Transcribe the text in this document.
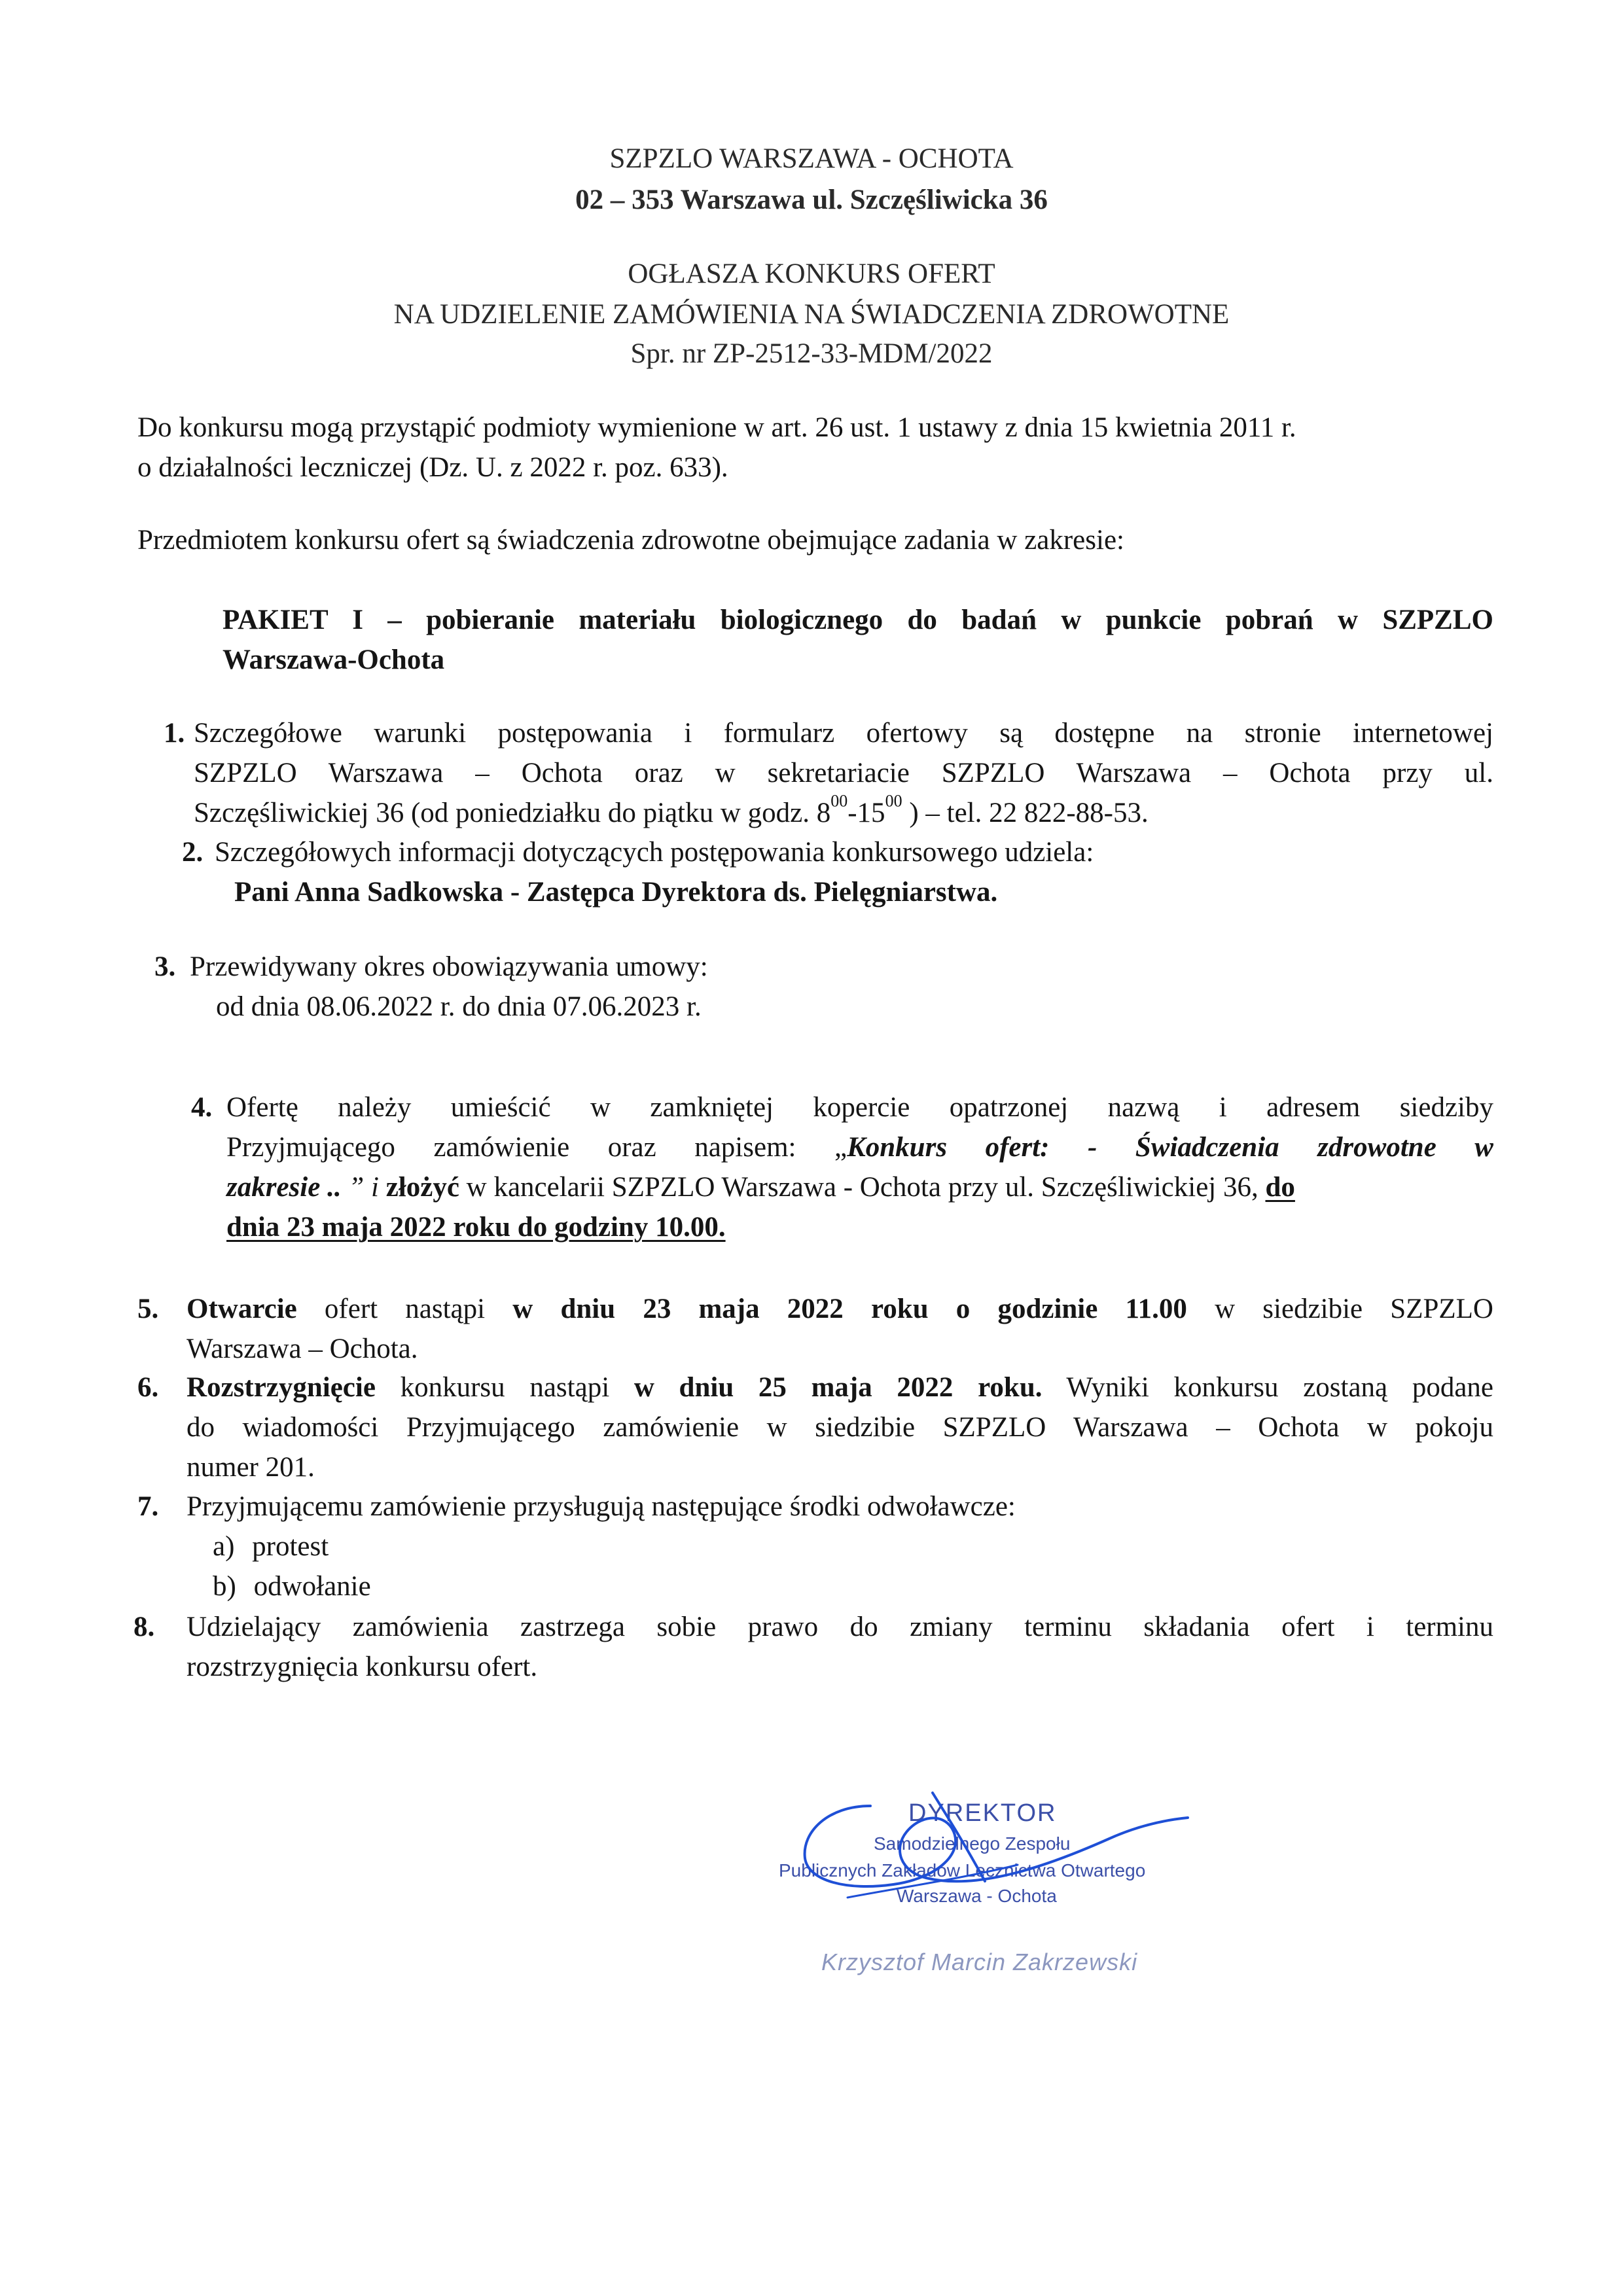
SZPZLO WARSZAWA - OCHOTA
02 – 353 Warszawa ul. Szczęśliwicka 36
OGŁASZA KONKURS OFERT
NA UDZIELENIE ZAMÓWIENIA NA ŚWIADCZENIA ZDROWOTNE
Spr. nr ZP-2512-33-MDM/2022
Do konkursu mogą przystąpić podmioty wymienione w art. 26 ust. 1 ustawy z dnia 15 kwietnia 2011 r.
o działalności leczniczej (Dz. U. z 2022 r. poz. 633).
Przedmiotem konkursu ofert są świadczenia zdrowotne obejmujące zadania w zakresie:
PAKIET I – pobieranie materiału biologicznego do badań w punkcie pobrań w SZPZLO
Warszawa-Ochota
1. Szczegółowe warunki postępowania i formularz ofertowy są dostępne na stronie internetowej
SZPZLO Warszawa – Ochota oraz w sekretariacie SZPZLO Warszawa – Ochota przy ul.
Szczęśliwickiej 36 (od poniedziałku do piątku w godz. $8^{00}-15^{00}$ ) – tel. 22 822-88-53.
2. Szczegółowych informacji dotyczących postępowania konkursowego udziela:
Pani Anna Sadkowska - Zastępca Dyrektora ds. Pielęgniarstwa.
3. Przewidywany okres obowiązywania umowy:
od dnia 08.06.2022 r. do dnia 07.06.2023 r.
4. Ofertę należy umieścić w zamkniętej kopercie opatrzonej nazwą i adresem siedziby
Przyjmującego zamówienie oraz napisem: „Konkurs ofert: - Świadczenia zdrowotne w
zakresie .. ” i złożyć w kancelarii SZPZLO Warszawa - Ochota przy ul. Szczęśliwickiej 36, do
dnia 23 maja 2022 roku do godziny 10.00.
5. Otwarcie ofert nastąpi w dniu 23 maja 2022 roku o godzinie 11.00 w siedzibie SZPZLO
Warszawa – Ochota.
6. Rozstrzygnięcie konkursu nastąpi w dniu 25 maja 2022 roku. Wyniki konkursu zostaną podane
do wiadomości Przyjmującego zamówienie w siedzibie SZPZLO Warszawa – Ochota w pokoju
numer 201.
7. Przyjmującemu zamówienie przysługują następujące środki odwoławcze:
a) protest
b) odwołanie
8. Udzielający zamówienia zastrzega sobie prawo do zmiany terminu składania ofert i terminu
rozstrzygnięcia konkursu ofert.
DYREKTOR
Samodzielnego Zespołu
Publicznych Zakładów Lecznictwa Otwartego
Warszawa - Ochota
Krzysztof Marcin Zakrzewski
